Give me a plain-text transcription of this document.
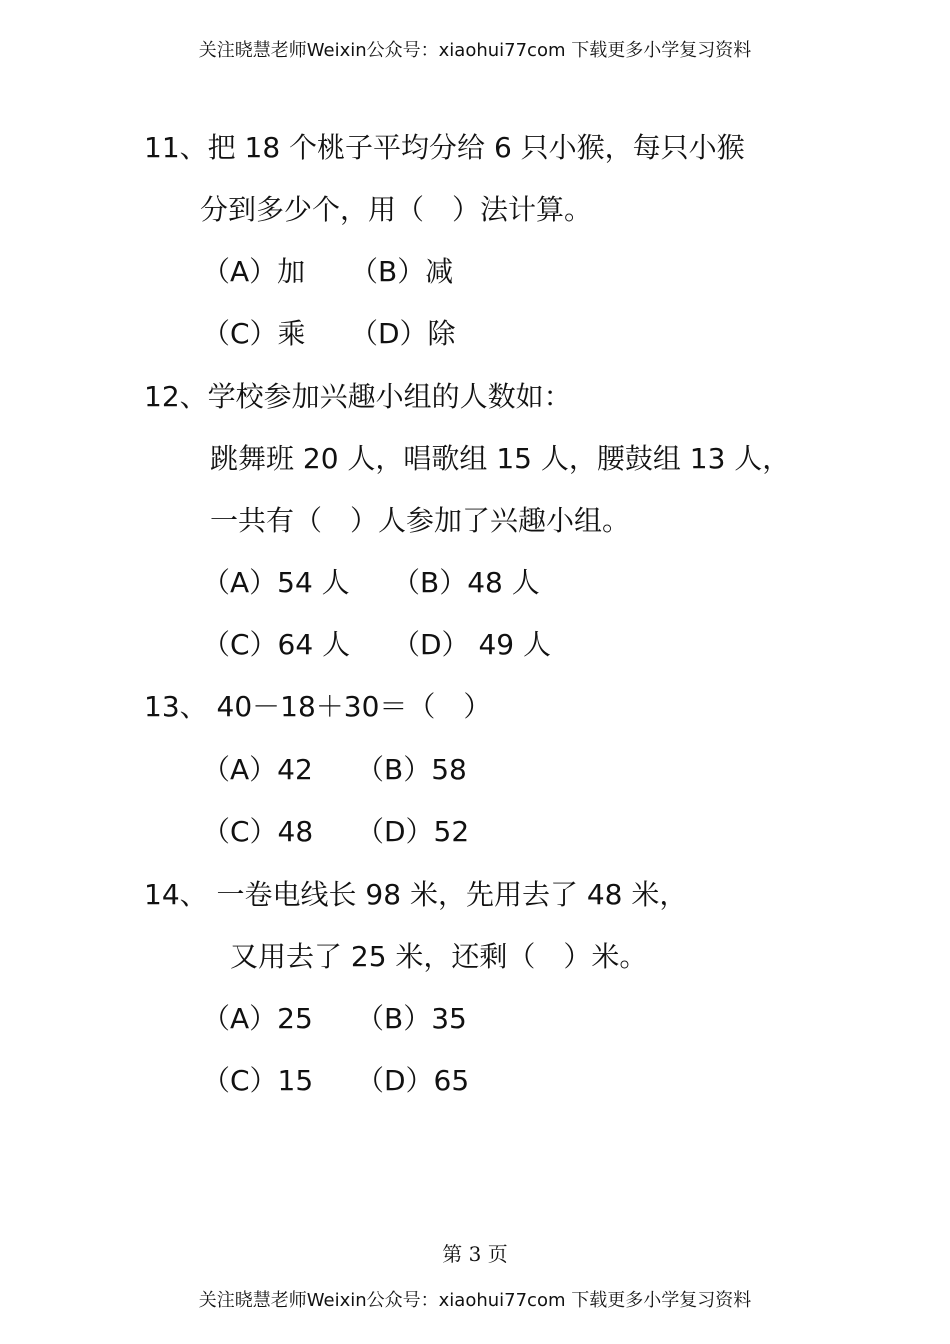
关注晓慧老师Weixin公众号：xiaohui77com 下载更多小学复习资料
11、把 18 个桃子平均分给 6 只小猴，每只小猴
分到多少个，用（　）法计算。
（A）加 （B）减
（C）乘 （D）除
12、学校参加兴趣小组的人数如：
跳舞班 20 人，唱歌组 15 人，腰鼓组 13 人，
一共有（　）人参加了兴趣小组。
（A）54 人 （B）48 人
（C）64 人 （D） 49 人
13、 40－18＋30＝（　）
（A）42 （B）58
（C）48 （D）52
14、 一卷电线长 98 米，先用去了 48 米，
又用去了 25 米，还剩（　）米。
（A）25 （B）35
（C）15 （D）65
第 3 页
关注晓慧老师Weixin公众号：xiaohui77com 下载更多小学复习资料
